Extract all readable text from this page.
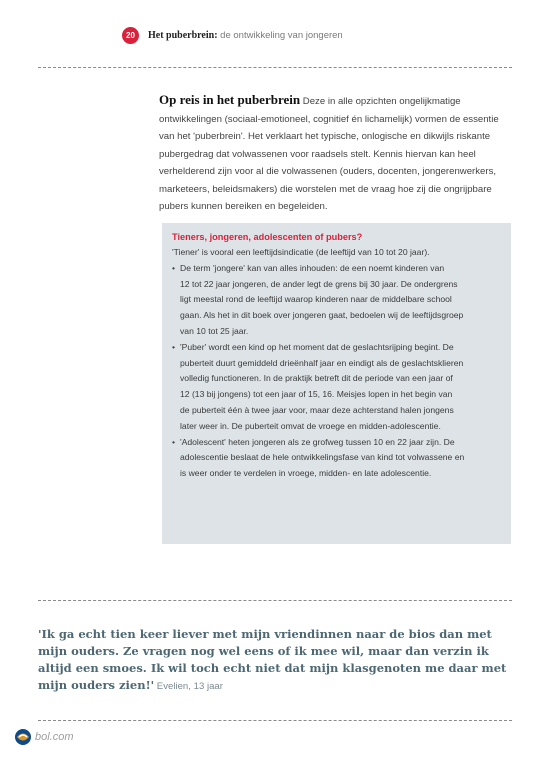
20	Het puberbrein: de ontwikkeling van jongeren
Op reis in het puberbrein Deze in alle opzichten ongelijkmatige
ontwikkelingen (sociaal-emotioneel, cognitief én lichamelijk) vormen de essentie
van het 'puberbrein'. Het verklaart het typische, onlogische en dikwijls riskante
pubergedrag dat volwassenen voor raadsels stelt. Kennis hiervan kan heel
verhelderend zijn voor al die volwassenen (ouders, docenten, jongerenwerkers,
marketeers, beleidsmakers) die worstelen met de vraag hoe zij die ongrijpbare
pubers kunnen bereiken en begeleiden.
Tieners, jongeren, adolescenten of pubers?
'Tiener' is vooral een leeftijdsindicatie (de leeftijd van 10 tot 20 jaar).
• De term 'jongere' kan van alles inhouden: de een noemt kinderen van
12 tot 22 jaar jongeren, de ander legt de grens bij 30 jaar. De ondergrens
ligt meestal rond de leeftijd waarop kinderen naar de middelbare school
gaan. Als het in dit boek over jongeren gaat, bedoelen wij de leeftijdsgroep
van 10 tot 25 jaar.
• 'Puber' wordt een kind op het moment dat de geslachtsrijping begint. De
puberteit duurt gemiddeld drieënhalf jaar en eindigt als de geslachtsklieren
volledig functioneren. In de praktijk betreft dit de periode van een jaar of
12 (13 bij jongens) tot een jaar of 15, 16. Meisjes lopen in het begin van
de puberteit één à twee jaar voor, maar deze achterstand halen jongens
later weer in. De puberteit omvat de vroege en midden-adolescentie.
• 'Adolescent' heten jongeren als ze grofweg tussen 10 en 22 jaar zijn. De
adolescentie beslaat de hele ontwikkelingsfase van kind tot volwassene en
is weer onder te verdelen in vroege, midden- en late adolescentie.
'Ik ga echt tien keer liever met mijn vriendinnen naar de bios dan met
mijn ouders. Ze vragen nog wel eens of ik mee wil, maar dan verzin ik
altijd een smoes. Ik wil toch echt niet dat mijn klasgenoten me daar met
mijn ouders zien!' Evelien, 13 jaar
bol.com
